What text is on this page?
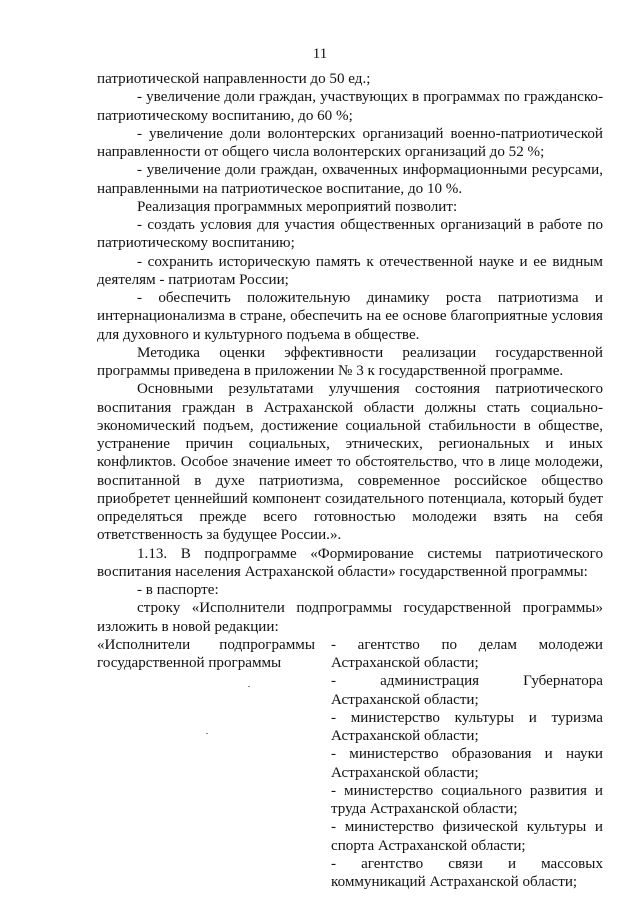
11

патриотической направленности до 50 ед.;

- увеличение доли граждан, участвующих в программах по гражданско-патриотическому воспитанию, до 60 %;

- увеличение доли волонтерских организаций военно-патриотической направленности от общего числа волонтерских организаций до 52 %;

- увеличение доли граждан, охваченных информационными ресурсами, направленными на патриотическое воспитание, до 10 %.

Реализация программных мероприятий позволит:

- создать условия для участия общественных организаций в работе по патриотическому воспитанию;

- сохранить историческую память к отечественной науке и ее видным деятелям - патриотам России;

- обеспечить положительную динамику роста патриотизма и интернационализма в стране, обеспечить на ее основе благоприятные условия для духовного и культурного подъема в обществе.

Методика оценки эффективности реализации государственной программы приведена в приложении № 3 к государственной программе.

Основными результатами улучшения состояния патриотического воспитания граждан в Астраханской области должны стать социально-экономический подъем, достижение социальной стабильности в обществе, устранение причин социальных, этнических, региональных и иных конфликтов. Особое значение имеет то обстоятельство, что в лице молодежи, воспитанной в духе патриотизма, современное российское общество приобретет ценнейший компонент созидательного потенциала, который будет определяться прежде всего готовностью молодежи взять на себя ответственность за будущее России.».

1.13. В подпрограмме «Формирование системы патриотического воспитания населения Астраханской области» государственной программы:

- в паспорте:

строку «Исполнители подпрограммы государственной программы» изложить в новой редакции:

«Исполнители подпрограммы государственной программы

- агентство по делам молодежи Астраханской области;

- администрация Губернатора Астраханской области;

- министерство культуры и туризма Астраханской области;

- министерство образования и науки Астраханской области;

- министерство социального развития и труда Астраханской области;

- министерство физической культуры и спорта Астраханской области;

- агентство связи и массовых коммуникаций Астраханской области;
